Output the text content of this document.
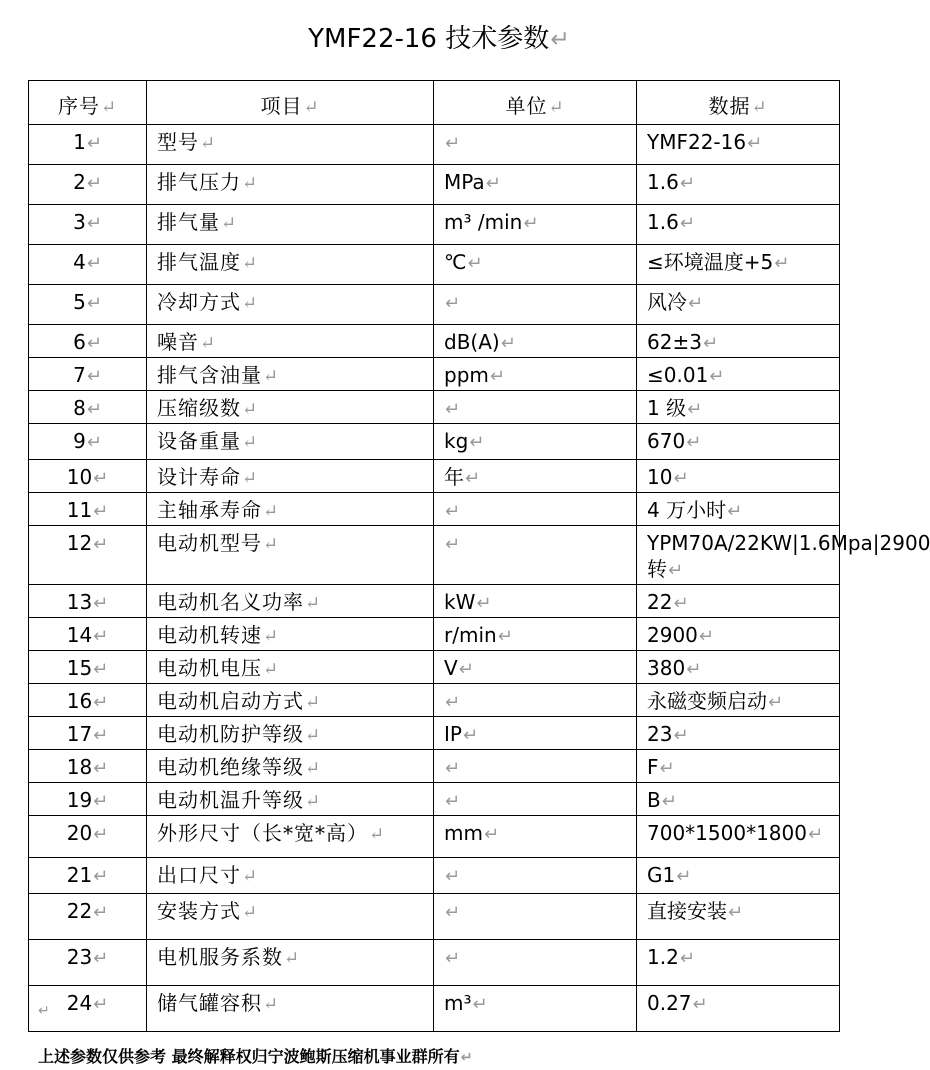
YMF22-16 技术参数↵
序号↵	项目↵	单位↵	数据↵
1↵	型号↵	↵	YMF22-16↵
2↵	排气压力↵	MPa↵	1.6↵
3↵	排气量↵	m³ /min↵	1.6↵
4↵	排气温度↵	℃↵	≤环境温度+5↵
5↵	冷却方式↵	↵	风冷↵
6↵	噪音↵	dB(A)↵	62±3↵
7↵	排气含油量↵	ppm↵	≤0.01↵
8↵	压缩级数↵	↵	1 级↵
9↵	设备重量↵	kg↵	670↵
10↵	设计寿命↵	年↵	10↵
11↵	主轴承寿命↵	↵	4 万小时↵
12↵	电动机型号↵	↵	YPM70A/22KW|1.6Mpa|2900 转↵
13↵	电动机名义功率↵	kW↵	22↵
14↵	电动机转速↵	r/min↵	2900↵
15↵	电动机电压↵	V↵	380↵
16↵	电动机启动方式↵	↵	永磁变频启动↵
17↵	电动机防护等级↵	IP↵	23↵
18↵	电动机绝缘等级↵	↵	F↵
19↵	电动机温升等级↵	↵	B↵
20↵	外形尺寸（长*宽*高）↵	mm↵	700*1500*1800↵
21↵	出口尺寸↵	↵	G1↵
22↵	安装方式↵	↵	直接安装↵
23↵	电机服务系数↵	↵	1.2↵
24↵	储气罐容积↵	m³↵	0.27↵
↵
上述参数仅供参考 最终解释权归宁波鲍斯压缩机事业群所有↵
